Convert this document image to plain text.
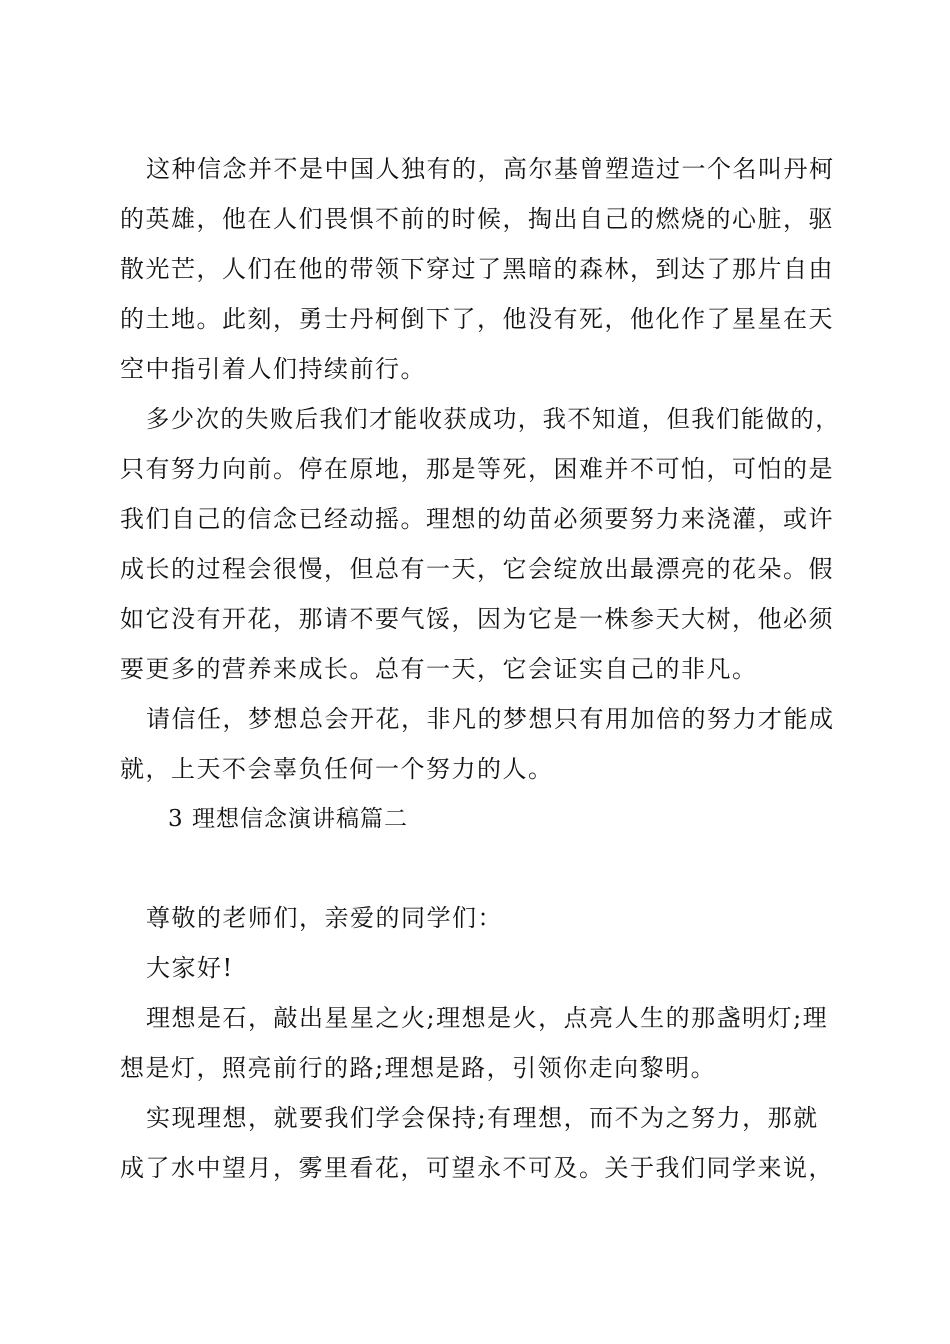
这种信念并不是中国人独有的，高尔基曾塑造过一个名叫丹柯
的英雄，他在人们畏惧不前的时候，掏出自己的燃烧的心脏，驱
散光芒，人们在他的带领下穿过了黑暗的森林，到达了那片自由
的土地。此刻，勇士丹柯倒下了，他没有死，他化作了星星在天
空中指引着人们持续前行。
多少次的失败后我们才能收获成功，我不知道，但我们能做的，
只有努力向前。停在原地，那是等死，困难并不可怕，可怕的是
我们自己的信念已经动摇。理想的幼苗必须要努力来浇灌，或许
成长的过程会很慢，但总有一天，它会绽放出最漂亮的花朵。假
如它没有开花，那请不要气馁，因为它是一株参天大树，他必须
要更多的营养来成长。总有一天，它会证实自己的非凡。
请信任，梦想总会开花，非凡的梦想只有用加倍的努力才能成
就，上天不会辜负任何一个努力的人。
3 理想信念演讲稿篇二
尊敬的老师们，亲爱的同学们：
大家好!
理想是石，敲出星星之火;理想是火，点亮人生的那盏明灯;理
想是灯，照亮前行的路;理想是路，引领你走向黎明。
实现理想，就要我们学会保持;有理想，而不为之努力，那就
成了水中望月，雾里看花，可望永不可及。关于我们同学来说，
